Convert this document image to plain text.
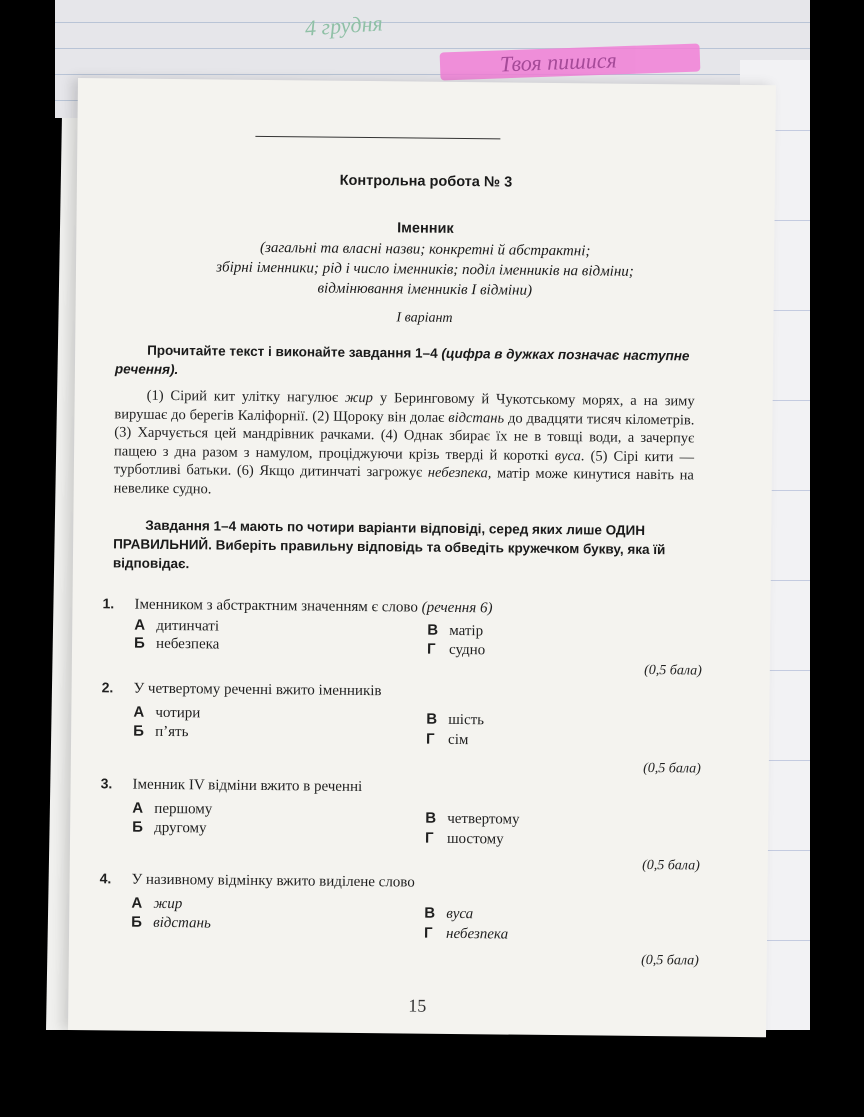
4 грудня
Твоя пишися
Контрольна робота № 3
Іменник
(загальні та власні назви; конкретні й абстрактні;
збірні іменники; рід і число іменників; поділ іменників на відміни;
відмінювання іменників І відміни)
І варіант
Прочитайте текст і виконайте завдання 1–4 (цифра в дужках позначає наступне речення).
(1) Сірий кит улітку нагулює жир у Беринговому й Чукотському морях, а на зиму вирушає до берегів Каліфорнії. (2) Щороку він долає відстань до двадцяти тисяч кілометрів. (3) Харчується цей мандрівник рачками. (4) Однак збирає їх не в товщі води, а зачерпує пащею з дна разом з намулом, проціджуючи крізь тверді й короткі вуса. (5) Сірі кити — турботливі батьки. (6) Якщо дитинчаті загрожує небезпека, матір може кинутися навіть на невелике судно.
Завдання 1–4 мають по чотири варіанти відповіді, серед яких лише ОДИН ПРАВИЛЬНИЙ. Виберіть правильну відповідь та обведіть кружечком букву, яка їй відповідає.
1. Іменником з абстрактним значенням є слово (речення 6)
А дитинчаті
Б небезпека
В матір
Г судно
(0,5 бала)
2. У четвертому реченні вжито іменників
А чотири
Б п’ять
В шість
Г сім
(0,5 бала)
3. Іменник IV відміни вжито в реченні
А першому
Б другому
В четвертому
Г шостому
(0,5 бала)
4. У називному відмінку вжито виділене слово
А жир
Б відстань
В вуса
Г небезпека
(0,5 бала)
15
